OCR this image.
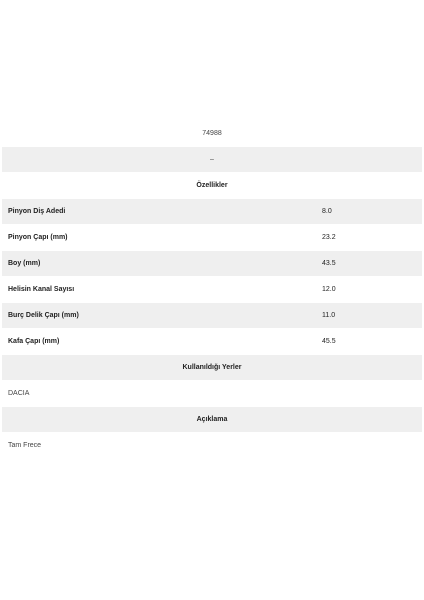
74988
–
Özellikler
Pinyon Diş Adedi	8.0
Pinyon Çapı (mm)	23.2
Boy (mm)	43.5
Helisin Kanal Sayısı	12.0
Burç Delik Çapı (mm)	11.0
Kafa Çapı (mm)	45.5
Kullanıldığı Yerler
DACIA
Açıklama
Tam Frece
